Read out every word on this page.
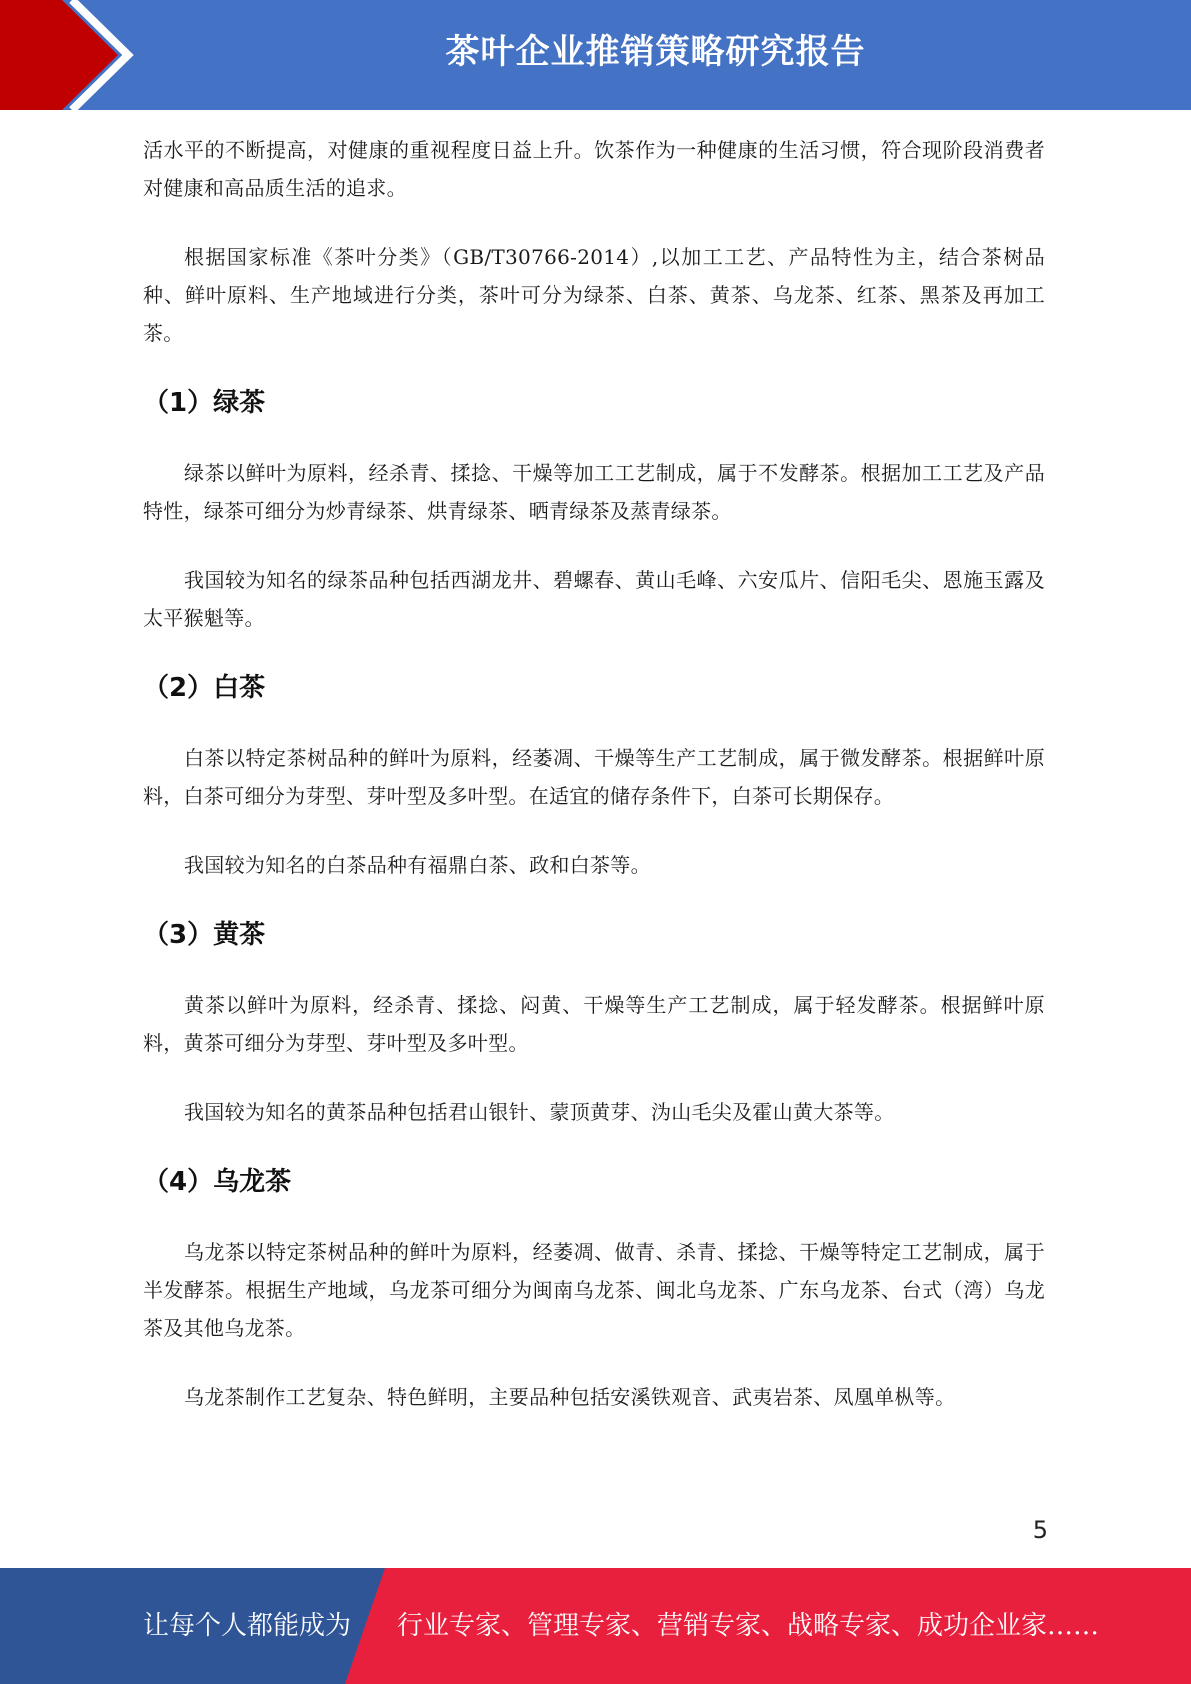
茶叶企业推销策略研究报告

活水平的不断提高，对健康的重视程度日益上升。饮茶作为一种健康的生活习惯，符合现阶段消费者对健康和高品质生活的追求。

根据国家标准《茶叶分类》（GB/T30766-2014）,以加工工艺、产品特性为主，结合茶树品种、鲜叶原料、生产地域进行分类，茶叶可分为绿茶、白茶、黄茶、乌龙茶、红茶、黑茶及再加工茶。

（1）绿茶

绿茶以鲜叶为原料，经杀青、揉捻、干燥等加工工艺制成，属于不发酵茶。根据加工工艺及产品特性，绿茶可细分为炒青绿茶、烘青绿茶、晒青绿茶及蒸青绿茶。

我国较为知名的绿茶品种包括西湖龙井、碧螺春、黄山毛峰、六安瓜片、信阳毛尖、恩施玉露及太平猴魁等。

（2）白茶

白茶以特定茶树品种的鲜叶为原料，经萎凋、干燥等生产工艺制成，属于微发酵茶。根据鲜叶原料，白茶可细分为芽型、芽叶型及多叶型。在适宜的储存条件下，白茶可长期保存。

我国较为知名的白茶品种有福鼎白茶、政和白茶等。

（3）黄茶

黄茶以鲜叶为原料，经杀青、揉捻、闷黄、干燥等生产工艺制成，属于轻发酵茶。根据鲜叶原料，黄茶可细分为芽型、芽叶型及多叶型。

我国较为知名的黄茶品种包括君山银针、蒙顶黄芽、沩山毛尖及霍山黄大茶等。

（4）乌龙茶

乌龙茶以特定茶树品种的鲜叶为原料，经萎凋、做青、杀青、揉捻、干燥等特定工艺制成，属于半发酵茶。根据生产地域，乌龙茶可细分为闽南乌龙茶、闽北乌龙茶、广东乌龙茶、台式（湾）乌龙茶及其他乌龙茶。

乌龙茶制作工艺复杂、特色鲜明，主要品种包括安溪铁观音、武夷岩茶、凤凰单枞等。

5
让每个人都能成为 行业专家、管理专家、营销专家、战略专家、成功企业家……
